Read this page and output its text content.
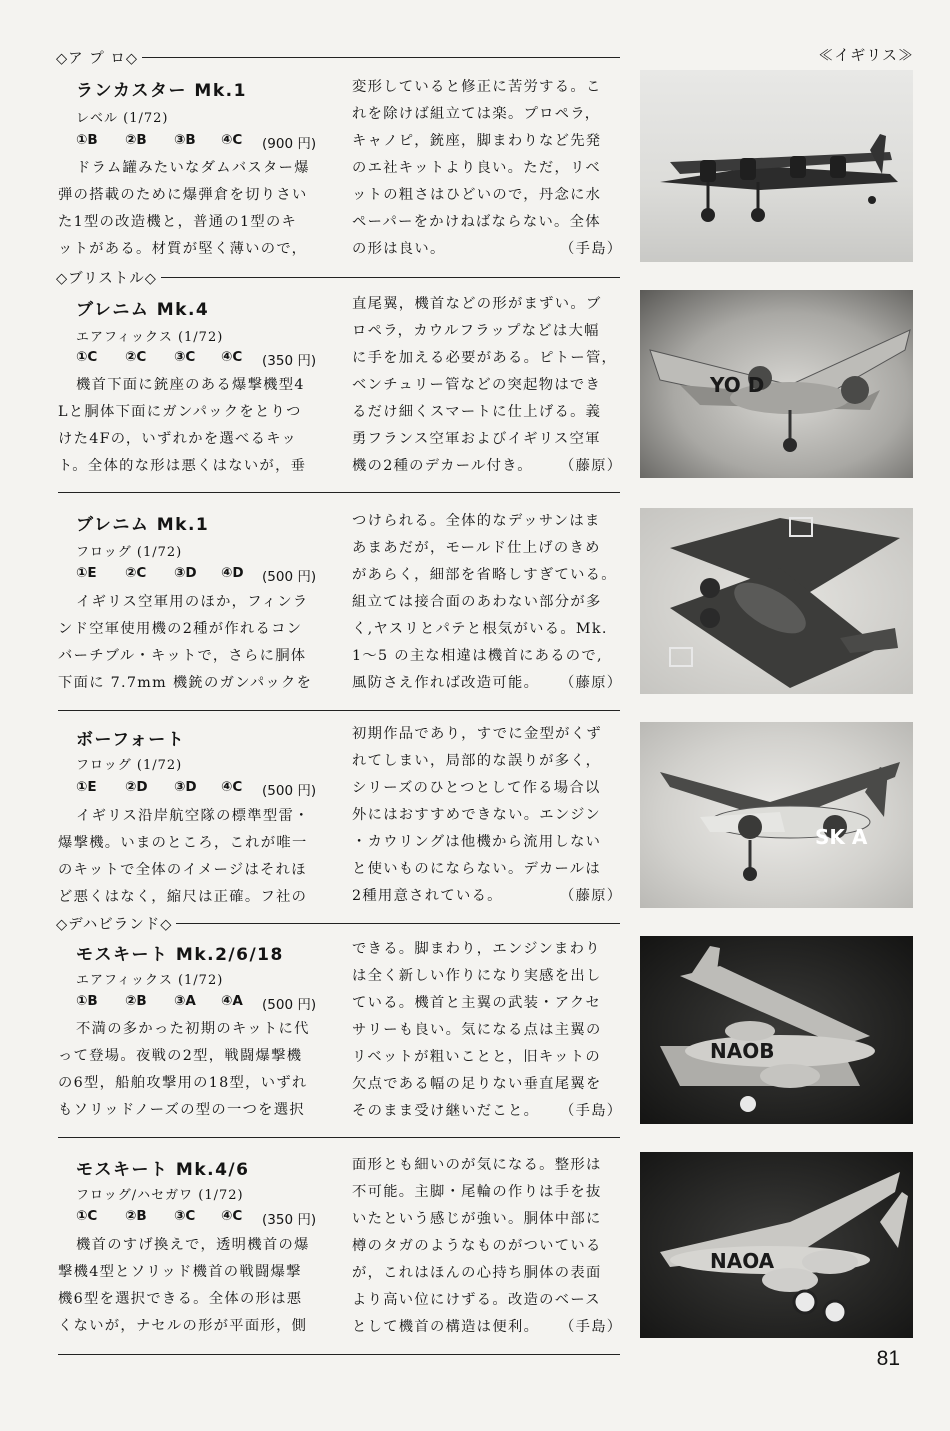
≪イギリス≫
◇ア プ ロ◇
◇ブリストル◇
◇デハビランド◇
ランカスター Mk.1
レベル (1/72)
①B ②B ③B ④C (900 円)
ドラム罐みたいなダムバスター爆
弾の搭載のために爆弾倉を切りさい
た1型の改造機と，普通の1型のキ
ットがある。材質が堅く薄いので，
変形していると修正に苦労する。こ
れを除けば組立ては楽。プロペラ，
キャノピ，銃座，脚まわりなど先発
のエ社キットより良い。ただ，リベ
ットの粗さはひどいので，丹念に水
ペーパーをかけねばならない。全体
の形は良い。	（手島）
ブレニム Mk.4
エアフィックス (1/72)
①C ②C ③C ④C (350 円)
機首下面に銃座のある爆撃機型4
Lと胴体下面にガンパックをとりつ
けた4Fの，いずれかを選べるキッ
ト。全体的な形は悪くはないが，垂
直尾翼，機首などの形がまずい。ブ
ロペラ，カウルフラップなどは大幅
に手を加える必要がある。ピトー管，
ベンチュリー管などの突起物はでき
るだけ細くスマートに仕上げる。義
勇フランス空軍およびイギリス空軍
機の2種のデカール付き。 （藤原）
YO D
ブレニム Mk.1
フロッグ (1/72)
①E ②C ③D ④D (500 円)
イギリス空軍用のほか，フィンラ
ンド空軍使用機の2種が作れるコン
バーチブル・キットで，さらに胴体
下面に 7.7mm 機銃のガンパックを
つけられる。全体的なデッサンはま
あまあだが，モールド仕上げのきめ
があらく，細部を省略しすぎている。
組立ては接合面のあわない部分が多
く,ヤスリとパテと根気がいる。Mk.
1～5 の主な相違は機首にあるので,
風防さえ作れば改造可能。 （藤原）
ボーフォート
フロッグ (1/72)
①E ②D ③D ④C (500 円)
イギリス沿岸航空隊の標準型雷・
爆撃機。いまのところ，これが唯一
のキットで全体のイメージはそれほ
ど悪くはなく，縮尺は正確。フ社の
初期作品であり，すでに金型がくず
れてしまい，局部的な誤りが多く，
シリーズのひとつとして作る場合以
外にはおすすめできない。エンジン
・カウリングは他機から流用しない
と使いものにならない。デカールは
2種用意されている。	（藤原）
SK A
モスキート Mk.2/6/18
エアフィックス (1/72)
①B ②B ③A ④A (500 円)
不満の多かった初期のキットに代
って登場。夜戦の2型，戦闘爆撃機
の6型，船舶攻撃用の18型，いずれ
もソリッドノーズの型の一つを選択
できる。脚まわり，エンジンまわり
は全く新しい作りになり実感を出し
ている。機首と主翼の武装・アクセ
サリーも良い。気になる点は主翼の
リベットが粗いことと，旧キットの
欠点である幅の足りない垂直尾翼を
そのまま受け継いだこと。 （手島）
NAOB
モスキート Mk.4/6
フロッグ/ハセガワ (1/72)
①C ②B ③C ④C (350 円)
機首のすげ換えで，透明機首の爆
撃機4型とソリッド機首の戦闘爆撃
機6型を選択できる。全体の形は悪
くないが，ナセルの形が平面形，側
面形とも細いのが気になる。整形は
不可能。主脚・尾輪の作りは手を抜
いたという感じが強い。胴体中部に
樽のタガのようなものがついている
が，これはほんの心持ち胴体の表面
より高い位にけずる。改造のベース
として機首の構造は便利。 （手島）
NAOA
81
